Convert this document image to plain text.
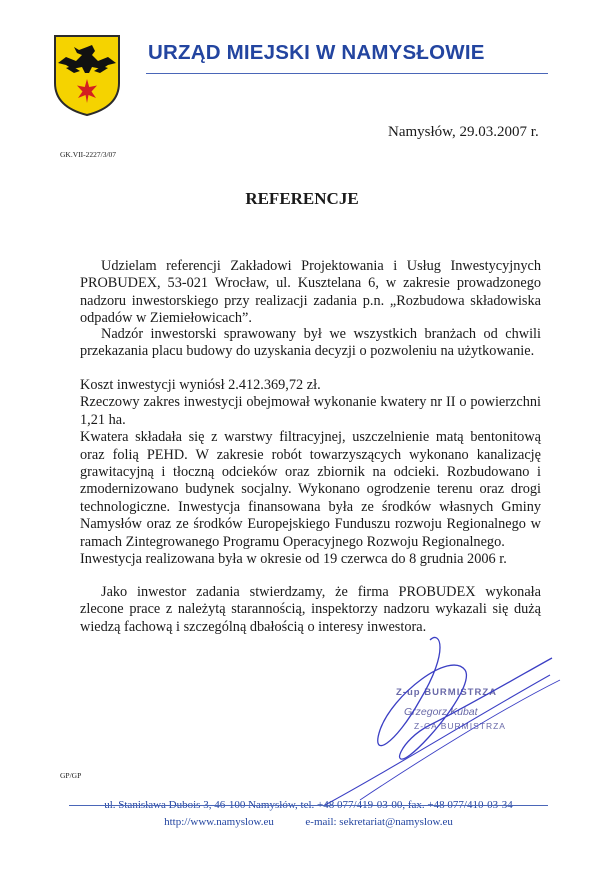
URZĄD MIEJSKI W NAMYSŁOWIE
Namysłów, 29.03.2007 r.
GK.VII-2227/3/07
REFERENCJE
Udzielam referencji Zakładowi Projektowania i Usług Inwestycyjnych PROBUDEX, 53-021 Wrocław, ul. Kusztelana 6, w zakresie prowadzonego nadzoru inwestorskiego przy realizacji zadania p.n. „Rozbudowa składowiska odpadów w Ziemiełowicach”.
Nadzór inwestorski sprawowany był we wszystkich branżach od chwili przekazania placu budowy do uzyskania decyzji o pozwoleniu na użytkowanie.
Koszt inwestycji wyniósł 2.412.369,72 zł.
Rzeczowy zakres inwestycji obejmował wykonanie kwatery nr II o powierzchni 1,21 ha.
Kwatera składała się z warstwy filtracyjnej, uszczelnienie matą bentonitową oraz folią PEHD. W zakresie robót towarzyszących wykonano kanalizację grawitacyjną i tłoczną odcieków oraz zbiornik na odcieki. Rozbudowano i zmodernizowano budynek socjalny. Wykonano ogrodzenie terenu oraz drogi technologiczne. Inwestycja finansowana była ze środków własnych Gminy Namysłów oraz ze środków Europejskiego Funduszu rozwoju Regionalnego w ramach Zintegrowanego Programu Operacyjnego Rozwoju Regionalnego.
Inwestycja realizowana była w okresie od 19 czerwca do 8 grudnia 2006 r.
Jako inwestor zadania stwierdzamy, że firma PROBUDEX wykonała zlecone prace z należytą starannością, inspektorzy nadzoru wykazali się dużą wiedzą fachową i szczególną dbałością o interesy inwestora.
Z-up BURMISTRZA
Grzegorz Kubat
Z-CA BURMISTRZA
GP/GP
ul. Stanisława Dubois 3, 46-100 Namysłów, tel. +48 077/419-03-00, fax. +48 077/410-03-34
http://www.namyslow.eu	e-mail: sekretariat@namyslow.eu
